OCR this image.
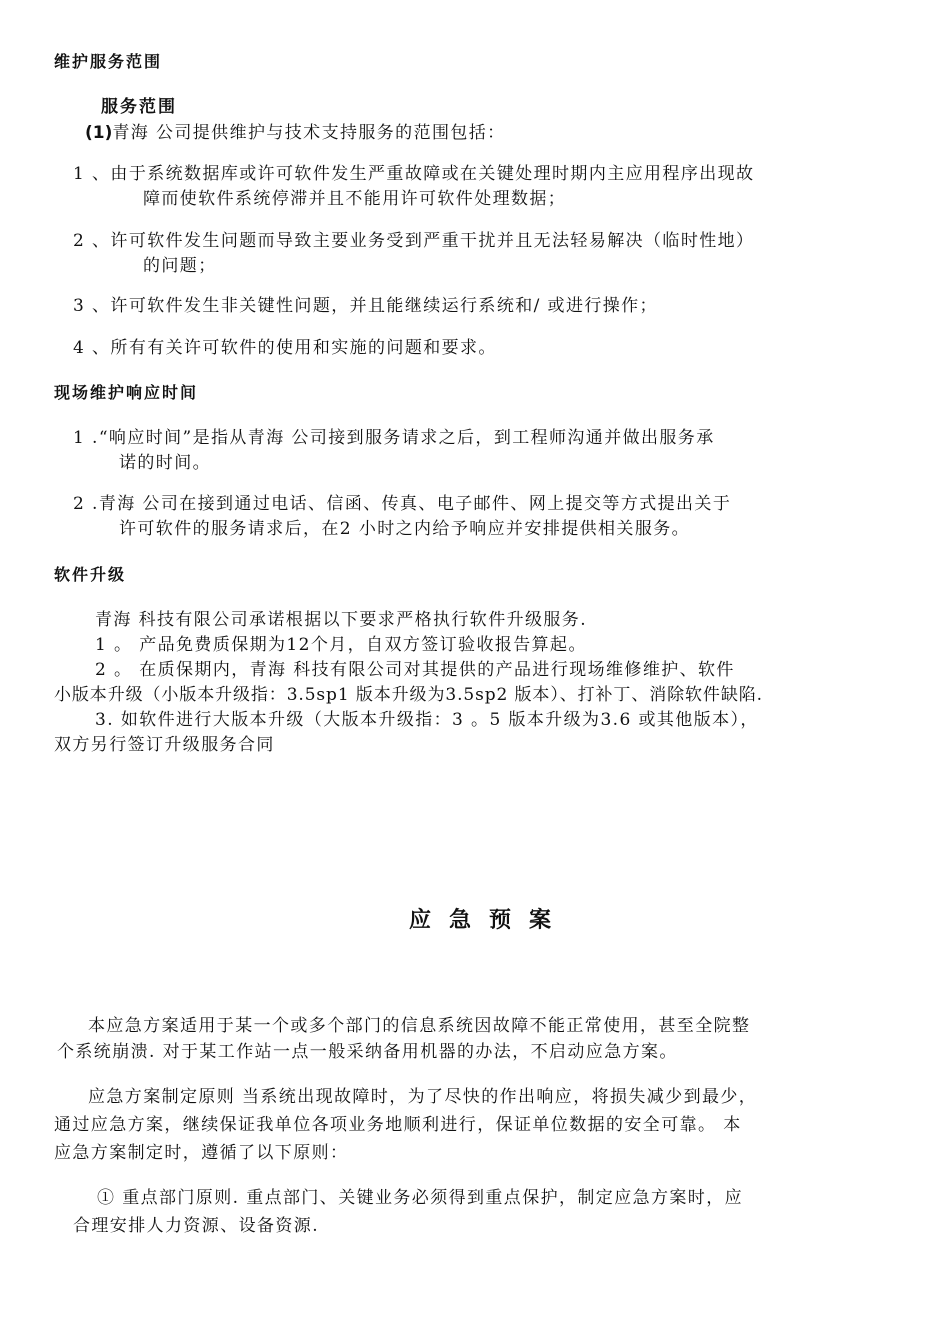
维护服务范围
服务范围
(1)青海 公司提供维护与技术支持服务的范围包括：
1 、由于系统数据库或许可软件发生严重故障或在关键处理时期内主应用程序出现故
障而使软件系统停滞并且不能用许可软件处理数据；
2 、许可软件发生问题而导致主要业务受到严重干扰并且无法轻易解决（临时性地）
的问题；
3 、许可软件发生非关键性问题，并且能继续运行系统和/ 或进行操作；
4 、所有有关许可软件的使用和实施的问题和要求。
现场维护响应时间
1 .“响应时间”是指从青海 公司接到服务请求之后，到工程师沟通并做出服务承
诺的时间。
2 .青海 公司在接到通过电话、信函、传真、电子邮件、网上提交等方式提出关于
许可软件的服务请求后，在2 小时之内给予响应并安排提供相关服务。
软件升级
青海 科技有限公司承诺根据以下要求严格执行软件升级服务.
1 。 产品免费质保期为12个月，自双方签订验收报告算起。
2 。 在质保期内，青海 科技有限公司对其提供的产品进行现场维修维护、软件
小版本升级（小版本升级指：3.5sp1 版本升级为3.5sp2 版本）、打补丁、消除软件缺陷.
3. 如软件进行大版本升级（大版本升级指：3 。5 版本升级为3.6 或其他版本），
双方另行签订升级服务合同
应急预案
本应急方案适用于某一个或多个部门的信息系统因故障不能正常使用，甚至全院整
个系统崩溃. 对于某工作站一点一般采纳备用机器的办法，不启动应急方案。
应急方案制定原则 当系统出现故障时，为了尽快的作出响应，将损失减少到最少，
通过应急方案，继续保证我单位各项业务地顺利进行，保证单位数据的安全可靠。 本
应急方案制定时，遵循了以下原则：
① 重点部门原则. 重点部门、关键业务必须得到重点保护，制定应急方案时，应
合理安排人力资源、设备资源.
